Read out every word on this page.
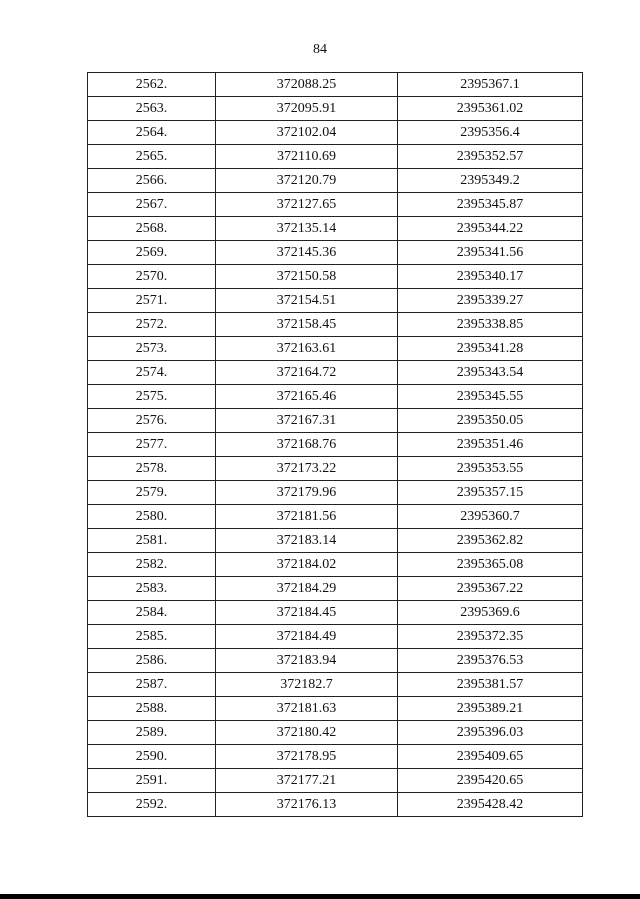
84
2562.	372088.25	2395367.1
2563.	372095.91	2395361.02
2564.	372102.04	2395356.4
2565.	372110.69	2395352.57
2566.	372120.79	2395349.2
2567.	372127.65	2395345.87
2568.	372135.14	2395344.22
2569.	372145.36	2395341.56
2570.	372150.58	2395340.17
2571.	372154.51	2395339.27
2572.	372158.45	2395338.85
2573.	372163.61	2395341.28
2574.	372164.72	2395343.54
2575.	372165.46	2395345.55
2576.	372167.31	2395350.05
2577.	372168.76	2395351.46
2578.	372173.22	2395353.55
2579.	372179.96	2395357.15
2580.	372181.56	2395360.7
2581.	372183.14	2395362.82
2582.	372184.02	2395365.08
2583.	372184.29	2395367.22
2584.	372184.45	2395369.6
2585.	372184.49	2395372.35
2586.	372183.94	2395376.53
2587.	372182.7	2395381.57
2588.	372181.63	2395389.21
2589.	372180.42	2395396.03
2590.	372178.95	2395409.65
2591.	372177.21	2395420.65
2592.	372176.13	2395428.42
